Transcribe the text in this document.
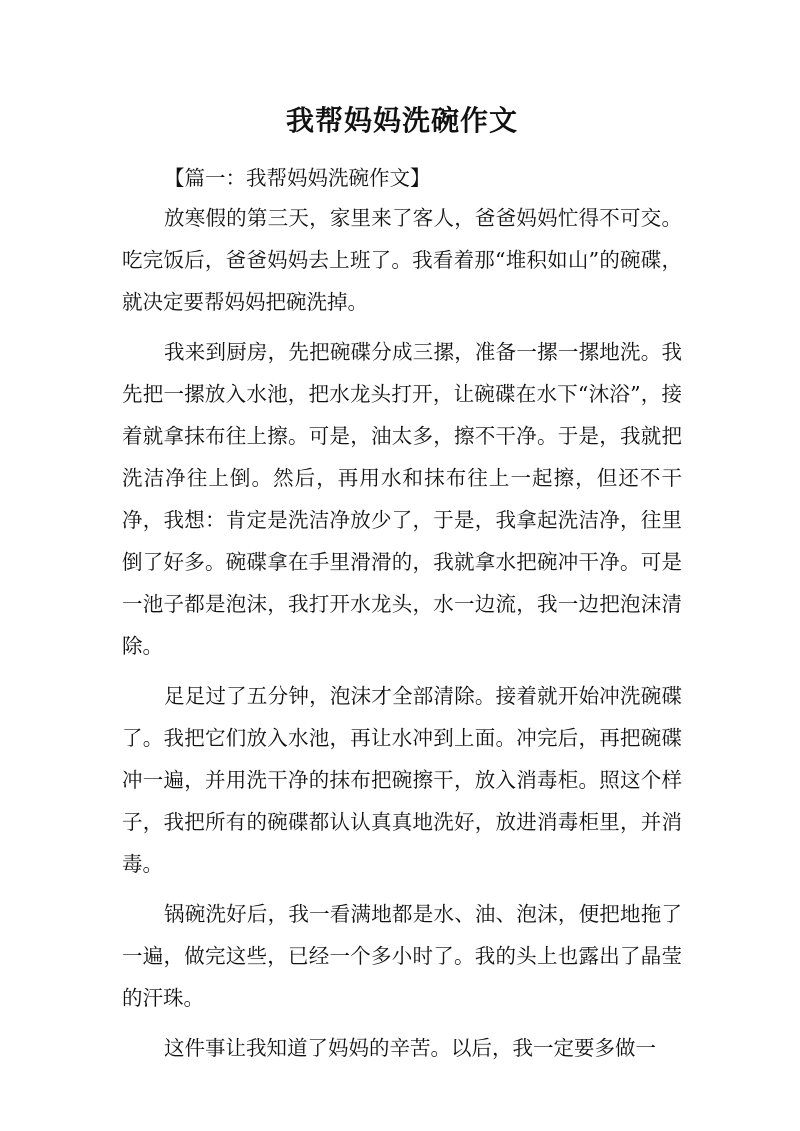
我帮妈妈洗碗作文

【篇一：我帮妈妈洗碗作文】

放寒假的第三天，家里来了客人，爸爸妈妈忙得不可交。吃完饭后，爸爸妈妈去上班了。我看着那“堆积如山”的碗碟，就决定要帮妈妈把碗洗掉。

我来到厨房，先把碗碟分成三摞，准备一摞一摞地洗。我先把一摞放入水池，把水龙头打开，让碗碟在水下“沐浴”，接着就拿抹布往上擦。可是，油太多，擦不干净。于是，我就把洗洁净往上倒。然后，再用水和抹布往上一起擦，但还不干净，我想：肯定是洗洁净放少了，于是，我拿起洗洁净，往里倒了好多。碗碟拿在手里滑滑的，我就拿水把碗冲干净。可是一池子都是泡沫，我打开水龙头，水一边流，我一边把泡沫清除。

足足过了五分钟，泡沫才全部清除。接着就开始冲洗碗碟了。我把它们放入水池，再让水冲到上面。冲完后，再把碗碟冲一遍，并用洗干净的抹布把碗擦干，放入消毒柜。照这个样子，我把所有的碗碟都认认真真地洗好，放进消毒柜里，并消毒。

锅碗洗好后，我一看满地都是水、油、泡沫，便把地拖了一遍，做完这些，已经一个多小时了。我的头上也露出了晶莹的汗珠。

这件事让我知道了妈妈的辛苦。以后，我一定要多做一
